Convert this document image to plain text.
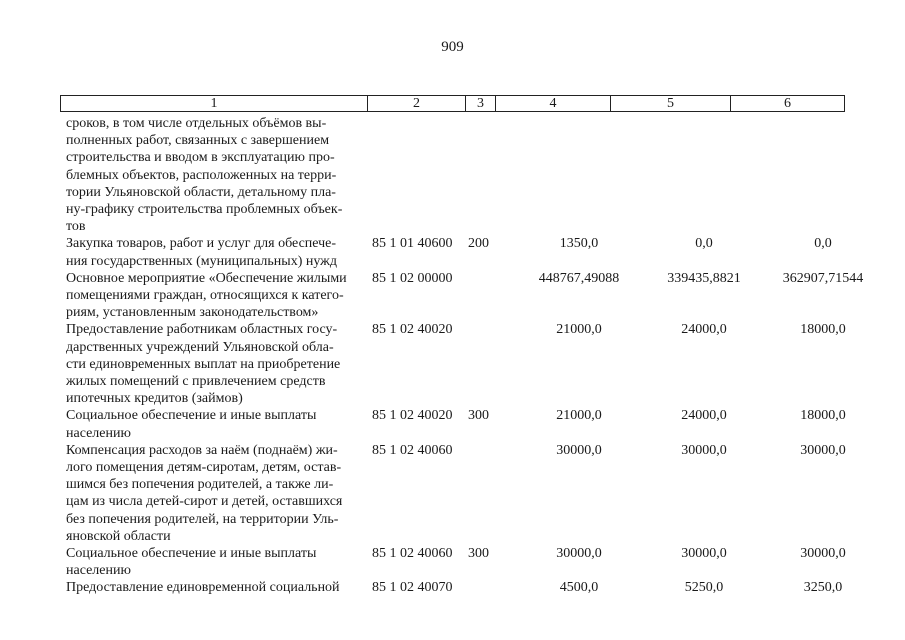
909
1	2	3	4	5	6
сроков, в том числе отдельных объёмов вы-
полненных работ, связанных с завершением
строительства и вводом в эксплуатацию про-
блемных объектов, расположенных на терри-
тории Ульяновской области, детальному пла-
ну-графику строительства проблемных объек-
тов
Закупка товаров, работ и услуг для обеспече-
ния государственных (муниципальных) нужд
85 1 01 40600 200	1350,0	0,0	0,0
Основное мероприятие «Обеспечение жилыми
помещениями граждан, относящихся к катего-
риям, установленным законодательством»
85 1 02 00000	448767,49088	339435,8821	362907,71544
Предоставление работникам областных госу-
дарственных учреждений Ульяновской обла-
сти единовременных выплат на приобретение
жилых помещений с привлечением средств
ипотечных кредитов (займов)
85 1 02 40020	21000,0	24000,0	18000,0
Социальное обеспечение и иные выплаты
населению
85 1 02 40020 300	21000,0	24000,0	18000,0
Компенсация расходов за наём (поднаём) жи-
лого помещения детям-сиротам, детям, остав-
шимся без попечения родителей, а также ли-
цам из числа детей-сирот и детей, оставшихся
без попечения родителей, на территории Уль-
яновской области
85 1 02 40060	30000,0	30000,0	30000,0
Социальное обеспечение и иные выплаты
населению
85 1 02 40060 300	30000,0	30000,0	30000,0
Предоставление единовременной социальной	85 1 02 40070	4500,0	5250,0	3250,0
